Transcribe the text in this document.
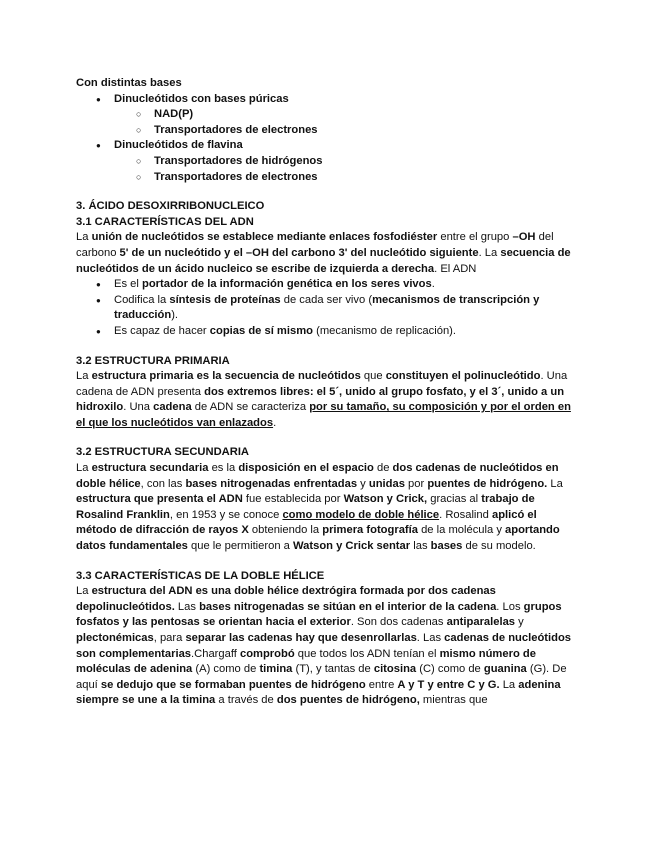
Con distintas bases

● Dinucleótidos con bases púricas
○ NAD(P)
○ Transportadores de electrones
● Dinucleótidos de flavina
○ Transportadores de hidrógenos
○ Transportadores de electrones

3. ÁCIDO DESOXIRRIBONUCLEICO

3.1 CARACTERÍSTICAS DEL ADN

La unión de nucleótidos se establece mediante enlaces fosfodiéster entre el grupo –OH del carbono 5' de un nucleótido y el –OH del carbono 3' del nucleótido siguiente. La secuencia de nucleótidos de un ácido nucleico se escribe de izquierda a derecha. El ADN

● Es el portador de la información genética en los seres vivos.
● Codifica la síntesis de proteínas de cada ser vivo (mecanismos de transcripción y traducción).
● Es capaz de hacer copias de sí mismo (mecanismo de replicación).

3.2 ESTRUCTURA PRIMARIA

La estructura primaria es la secuencia de nucleótidos que constituyen el polinucleótido. Una cadena de ADN presenta dos extremos libres: el 5´, unido al grupo fosfato, y el 3´, unido a un hidroxilo. Una cadena de ADN se caracteriza por su tamaño, su composición y por el orden en el que los nucleótidos van enlazados.

3.2 ESTRUCTURA SECUNDARIA

La estructura secundaria es la disposición en el espacio de dos cadenas de nucleótidos en doble hélice, con las bases nitrogenadas enfrentadas y unidas por puentes de hidrógeno. La estructura que presenta el ADN fue establecida por Watson y Crick, gracias al trabajo de Rosalind Franklin, en 1953 y se conoce como modelo de doble hélice. Rosalind aplicó el método de difracción de rayos X obteniendo la primera fotografía de la molécula y aportando datos fundamentales que le permitieron a Watson y Crick sentar las bases de su modelo.

3.3 CARACTERÍSTICAS DE LA DOBLE HÉLICE

La estructura del ADN es una doble hélice dextrógira formada por dos cadenas depolinucleótidos. Las bases nitrogenadas se sitúan en el interior de la cadena. Los grupos fosfatos y las pentosas se orientan hacia el exterior. Son dos cadenas antiparalelas y plectonémicas, para separar las cadenas hay que desenrollarlas. Las cadenas de nucleótidos son complementarias.Chargaff comprobó que todos los ADN tenían el mismo número de moléculas de adenina (A) como de timina (T), y tantas de citosina (C) como de guanina (G). De aquí se dedujo que se formaban puentes de hidrógeno entre A y T y entre C y G. La adenina siempre se une a la timina a través de dos puentes de hidrógeno, mientras que
